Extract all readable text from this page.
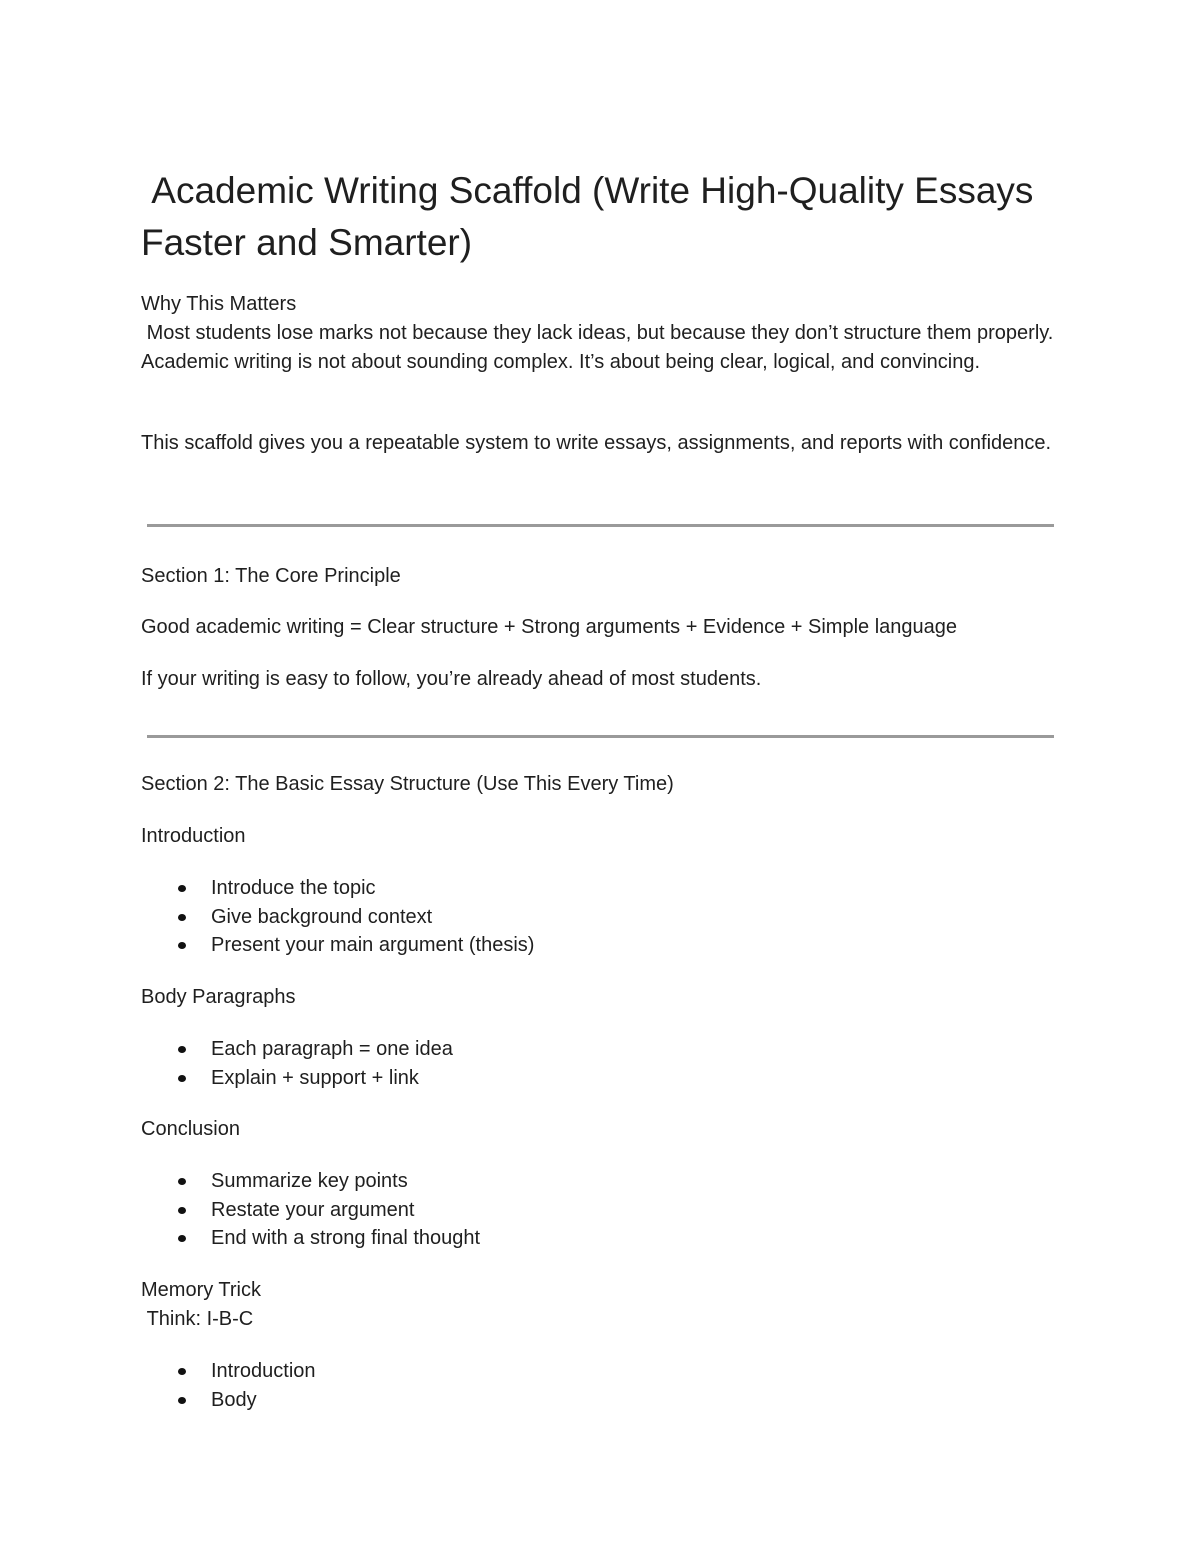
Academic Writing Scaffold (Write High-Quality Essays Faster and Smarter)

Why This Matters

Most students lose marks not because they lack ideas, but because they don’t structure them properly. Academic writing is not about sounding complex. It’s about being clear, logical, and convincing.

This scaffold gives you a repeatable system to write essays, assignments, and reports with confidence.

Section 1: The Core Principle

Good academic writing = Clear structure + Strong arguments + Evidence + Simple language

If your writing is easy to follow, you’re already ahead of most students.

Section 2: The Basic Essay Structure (Use This Every Time)

Introduction

Introduce the topic
Give background context
Present your main argument (thesis)

Body Paragraphs

Each paragraph = one idea
Explain + support + link

Conclusion

Summarize key points
Restate your argument
End with a strong final thought

Memory Trick

Think: I-B-C

Introduction
Body
